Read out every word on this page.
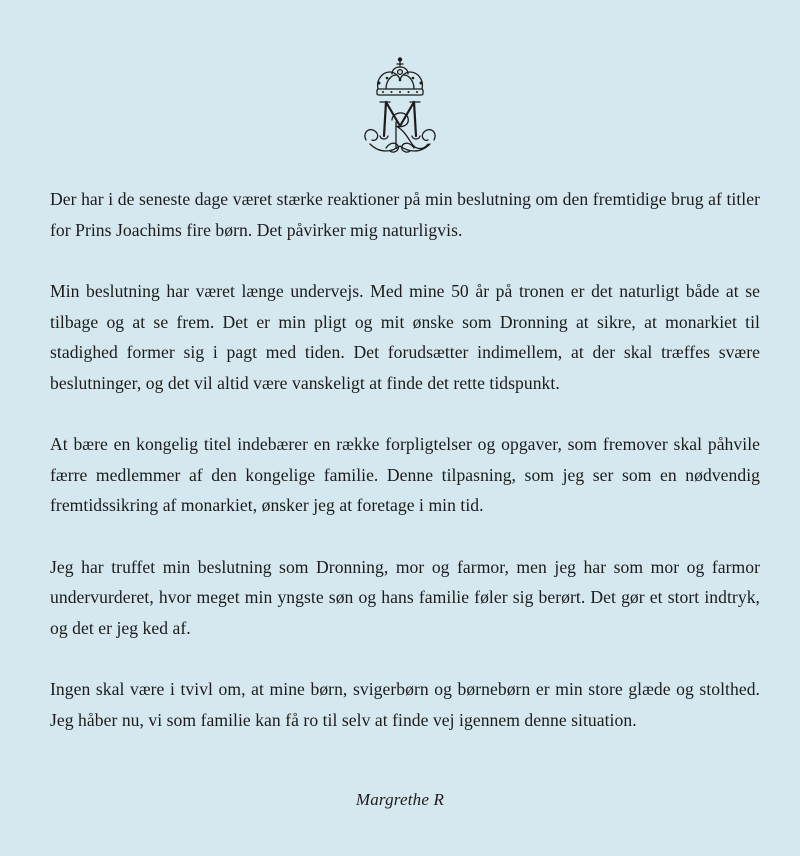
Der har i de seneste dage været stærke reaktioner på min beslutning om den fremtidige brug af titler for Prins Joachims fire børn. Det påvirker mig naturligvis.

Min beslutning har været længe undervejs. Med mine 50 år på tronen er det naturligt både at se tilbage og at se frem. Det er min pligt og mit ønske som Dronning at sikre, at monarkiet til stadighed former sig i pagt med tiden. Det forudsætter indimellem, at der skal træffes svære beslutninger, og det vil altid være vanskeligt at finde det rette tidspunkt.

At bære en kongelig titel indebærer en række forpligtelser og opgaver, som fremover skal påhvile færre medlemmer af den kongelige familie. Denne tilpasning, som jeg ser som en nødvendig fremtidssikring af monarkiet, ønsker jeg at foretage i min tid.

Jeg har truffet min beslutning som Dronning, mor og farmor, men jeg har som mor og farmor undervurderet, hvor meget min yngste søn og hans familie føler sig berørt. Det gør et stort indtryk, og det er jeg ked af.

Ingen skal være i tvivl om, at mine børn, svigerbørn og børnebørn er min store glæde og stolthed. Jeg håber nu, vi som familie kan få ro til selv at finde vej igennem denne situation.

Margrethe R
